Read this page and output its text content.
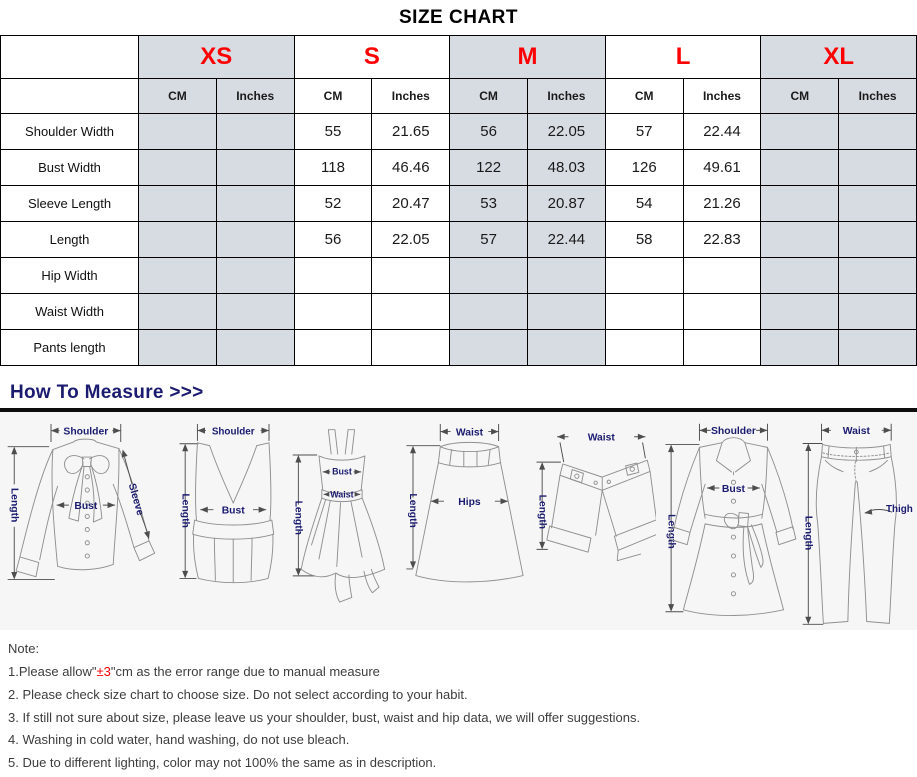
SIZE CHART
	XS		S		M		L		XL	
	CM	Inches	CM	Inches	CM	Inches	CM	Inches	CM	Inches
Shoulder Width			55	21.65	56	22.05	57	22.44		
Bust Width			118	46.46	122	48.03	126	49.61		
Sleeve Length			52	20.47	53	20.87	54	21.26		
Length			56	22.05	57	22.44	58	22.83		
Hip Width										
Waist Width										
Pants length										
How To Measure >>>
Shoulder
Length	Bust	Sleeve
Shoulder
Length	Bust	Length
Bust
Waist
Waist
Length	Hips
Waist
Length
Shoulder
Length
Bust
Waist
Length
Thigh

Note:

1.Please allow"±3"cm as the error range due to manual measure

2. Please check size chart to choose size. Do not select according to your habit.

3. If still not sure about size, please leave us your shoulder, bust, waist and hip data, we will offer suggestions.

4. Washing in cold water, hand washing, do not use bleach.

5. Due to different lighting, color may not 100% the same as in description.
